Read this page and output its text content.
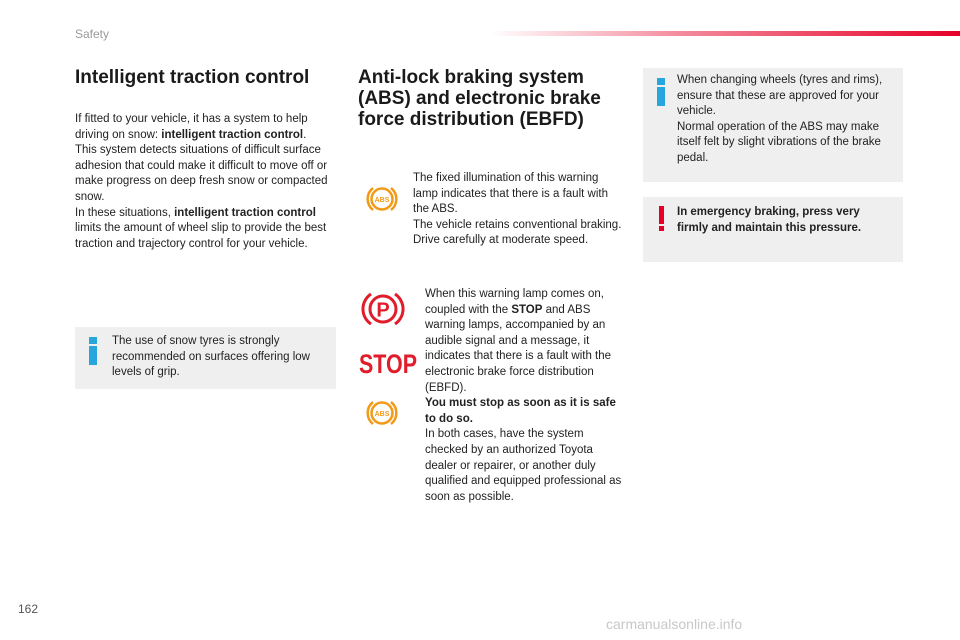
Safety
Intelligent traction control

If fitted to your vehicle, it has a system to help driving on snow: intelligent traction control.

This system detects situations of difficult surface adhesion that could make it difficult to move off or make progress on deep fresh snow or compacted snow.

In these situations, intelligent traction control limits the amount of wheel slip to provide the best traction and trajectory control for your vehicle.

The use of snow tyres is strongly recommended on surfaces offering low levels of grip.
Anti-lock braking system (ABS) and electronic brake force distribution (EBFD)
ABS

The fixed illumination of this warning lamp indicates that there is a fault with the ABS.

The vehicle retains conventional braking. Drive carefully at moderate speed.

P
STOP
ABS

When this warning lamp comes on, coupled with the STOP and ABS warning lamps, accompanied by an audible signal and a message, it indicates that there is a fault with the electronic brake force distribution (EBFD).

You must stop as soon as it is safe to do so.

In both cases, have the system checked by an authorized Toyota dealer or repairer, or another duly qualified and equipped professional as soon as possible.

When changing wheels (tyres and rims), ensure that these are approved for your vehicle.

Normal operation of the ABS may make itself felt by slight vibrations of the brake pedal.

In emergency braking, press very firmly and maintain this pressure.
162
carmanualsonline.info
